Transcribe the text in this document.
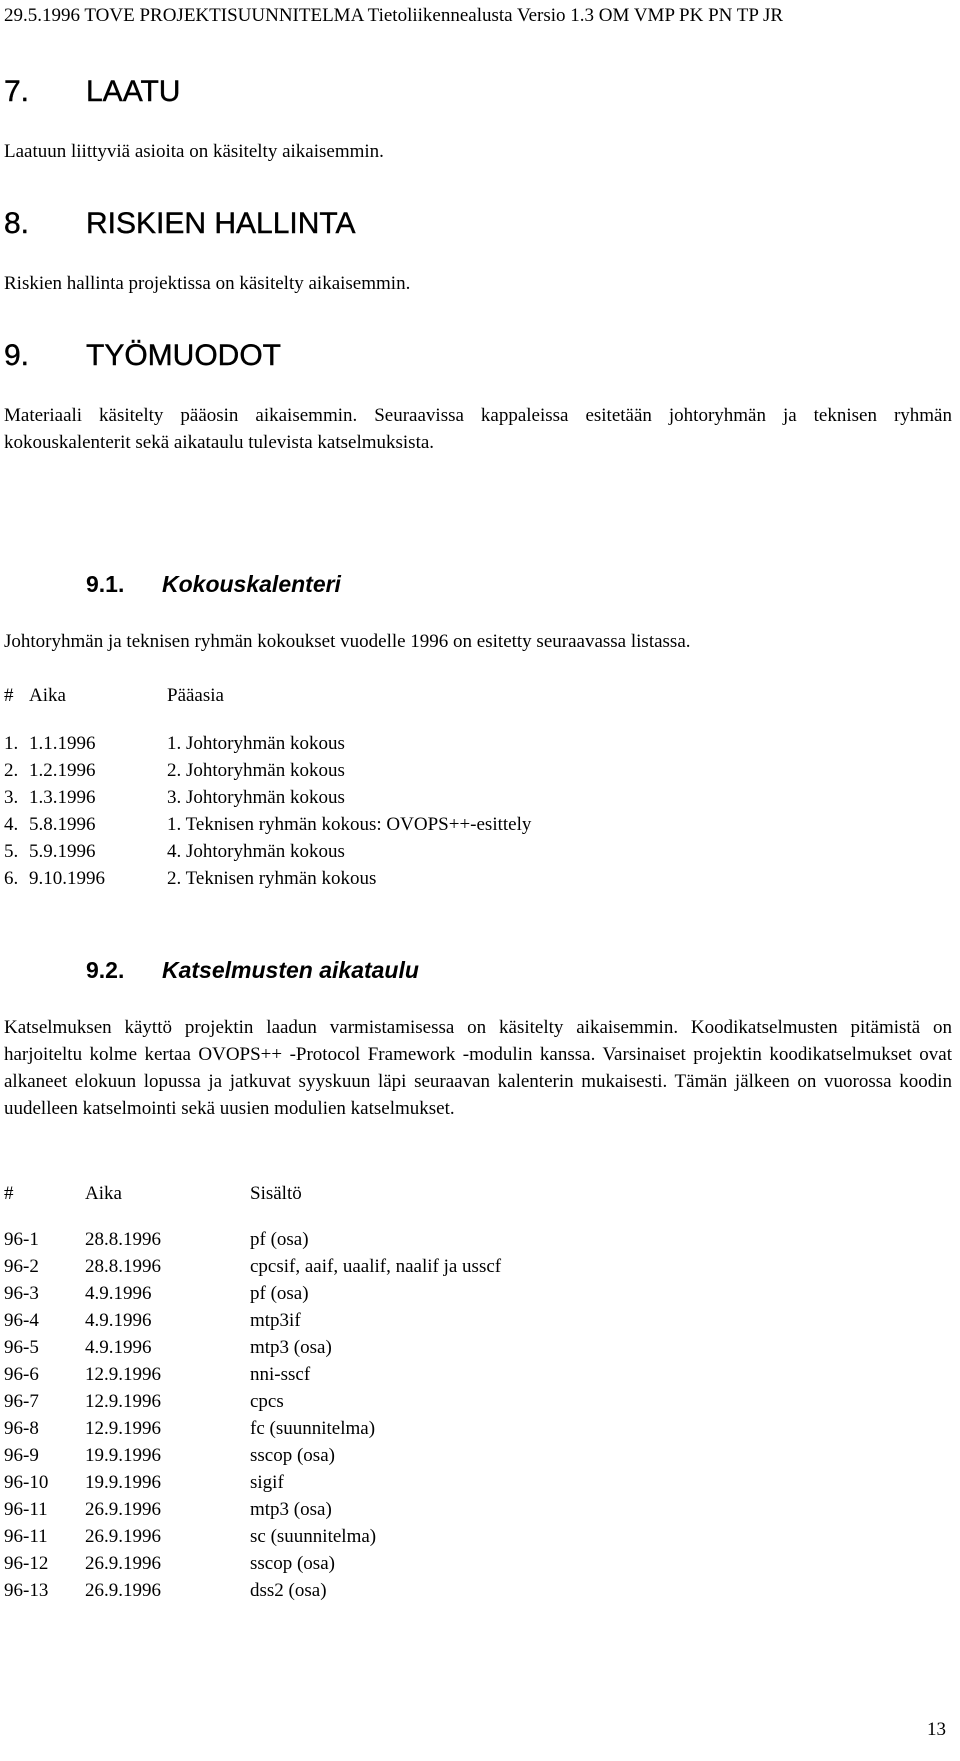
29.5.1996 TOVE PROJEKTISUUNNITELMA Tietoliikennealusta Versio 1.3 OM VMP PK PN TP JR
7. LAATU
Laatuun liittyviä asioita on käsitelty aikaisemmin.
8. RISKIEN HALLINTA
Riskien hallinta projektissa on käsitelty aikaisemmin.
9. TYÖMUODOT
Materiaali käsitelty pääosin aikaisemmin. Seuraavissa kappaleissa esitetään johtoryhmän ja teknisen ryhmän kokouskalenterit sekä aikataulu tulevista katselmuksista.
9.1. Kokouskalenteri
Johtoryhmän ja teknisen ryhmän kokoukset vuodelle 1996 on esitetty seuraavassa listassa.
# Aika	Pääasia
1. 1.1.1996	1. Johtoryhmän kokous
2. 1.2.1996	2. Johtoryhmän kokous
3. 1.3.1996	3. Johtoryhmän kokous
4. 5.8.1996	1. Teknisen ryhmän kokous: OVOPS++-esittely
5. 5.9.1996	4. Johtoryhmän kokous
6. 9.10.1996	2. Teknisen ryhmän kokous
9.2. Katselmusten aikataulu
Katselmuksen käyttö projektin laadun varmistamisessa on käsitelty aikaisemmin. Koodikatselmusten pitämistä on harjoiteltu kolme kertaa OVOPS++ -Protocol Framework -modulin kanssa. Varsinaiset projektin koodikatselmukset ovat alkaneet elokuun lopussa ja jatkuvat syyskuun läpi seuraavan kalenterin mukaisesti. Tämän jälkeen on vuorossa koodin uudelleen katselmointi sekä uusien modulien katselmukset.
#	Aika	Sisältö
96-1 28.8.1996	pf (osa)
96-2 28.8.1996	cpcsif, aaif, uaalif, naalif ja usscf
96-3 4.9.1996	pf (osa)
96-4 4.9.1996	mtp3if
96-5 4.9.1996	mtp3 (osa)
96-6 12.9.1996	nni-sscf
96-7 12.9.1996	cpcs
96-8 12.9.1996	fc (suunnitelma)
96-9 19.9.1996	sscop (osa)
96-10 19.9.1996	sigif
96-11 26.9.1996	mtp3 (osa)
96-11 26.9.1996	sc (suunnitelma)
96-12 26.9.1996	sscop (osa)
96-13 26.9.1996	dss2 (osa)
13
